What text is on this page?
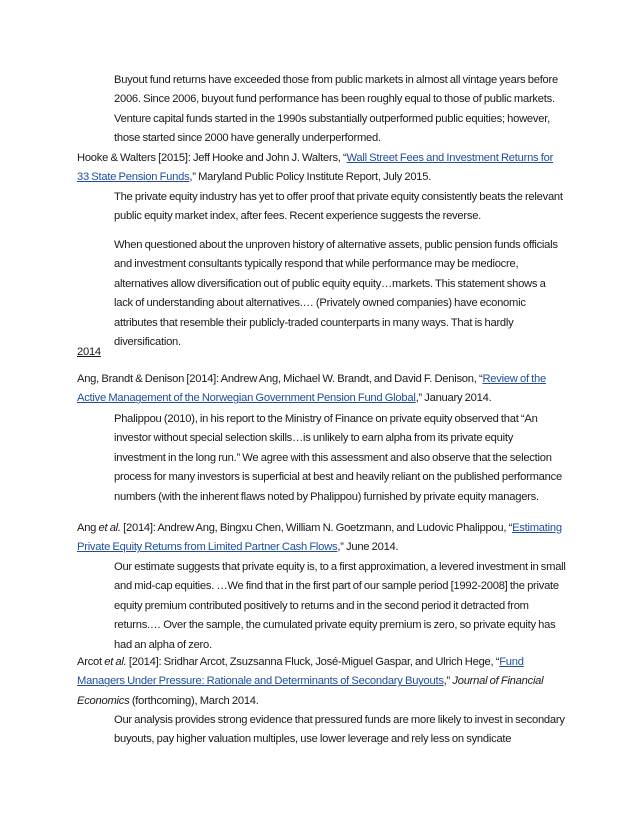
Buyout fund returns have exceeded those from public markets in almost all vintage years before 2006. Since 2006, buyout fund performance has been roughly equal to those of public markets. Venture capital funds started in the 1990s substantially outperformed public equities; however, those started since 2000 have generally underperformed.

Hooke & Walters [2015]: Jeff Hooke and John J. Walters, “Wall Street Fees and Investment Returns for 33 State Pension Funds,” Maryland Public Policy Institute Report, July 2015.

The private equity industry has yet to offer proof that private equity consistently beats the relevant public equity market index, after fees. Recent experience suggests the reverse.

When questioned about the unproven history of alternative assets, public pension funds officials and investment consultants typically respond that while performance may be mediocre, alternatives allow diversification out of public equity equity…markets. This statement shows a lack of understanding about alternatives.… (Privately owned companies) have economic attributes that resemble their publicly-traded counterparts in many ways. That is hardly diversification.

2014

Ang, Brandt & Denison [2014]: Andrew Ang, Michael W. Brandt, and David F. Denison, “Review of the Active Management of the Norwegian Government Pension Fund Global,” January 2014.

Phalippou (2010), in his report to the Ministry of Finance on private equity observed that “An investor without special selection skills…is unlikely to earn alpha from its private equity investment in the long run.” We agree with this assessment and also observe that the selection process for many investors is superficial at best and heavily reliant on the published performance numbers (with the inherent flaws noted by Phalippou) furnished by private equity managers.

Ang et al. [2014]: Andrew Ang, Bingxu Chen, William N. Goetzmann, and Ludovic Phalippou, “Estimating Private Equity Returns from Limited Partner Cash Flows,” June 2014.

Our estimate suggests that private equity is, to a first approximation, a levered investment in small and mid-cap equities. …We find that in the first part of our sample period [1992-2008] the private equity premium contributed positively to returns and in the second period it detracted from returns.… Over the sample, the cumulated private equity premium is zero, so private equity has had an alpha of zero.

Arcot et al. [2014]: Sridhar Arcot, Zsuzsanna Fluck, José-Miguel Gaspar, and Ulrich Hege, “Fund Managers Under Pressure: Rationale and Determinants of Secondary Buyouts,” Journal of Financial Economics (forthcoming), March 2014.

Our analysis provides strong evidence that pressured funds are more likely to invest in secondary buyouts, pay higher valuation multiples, use lower leverage and rely less on syndicate
